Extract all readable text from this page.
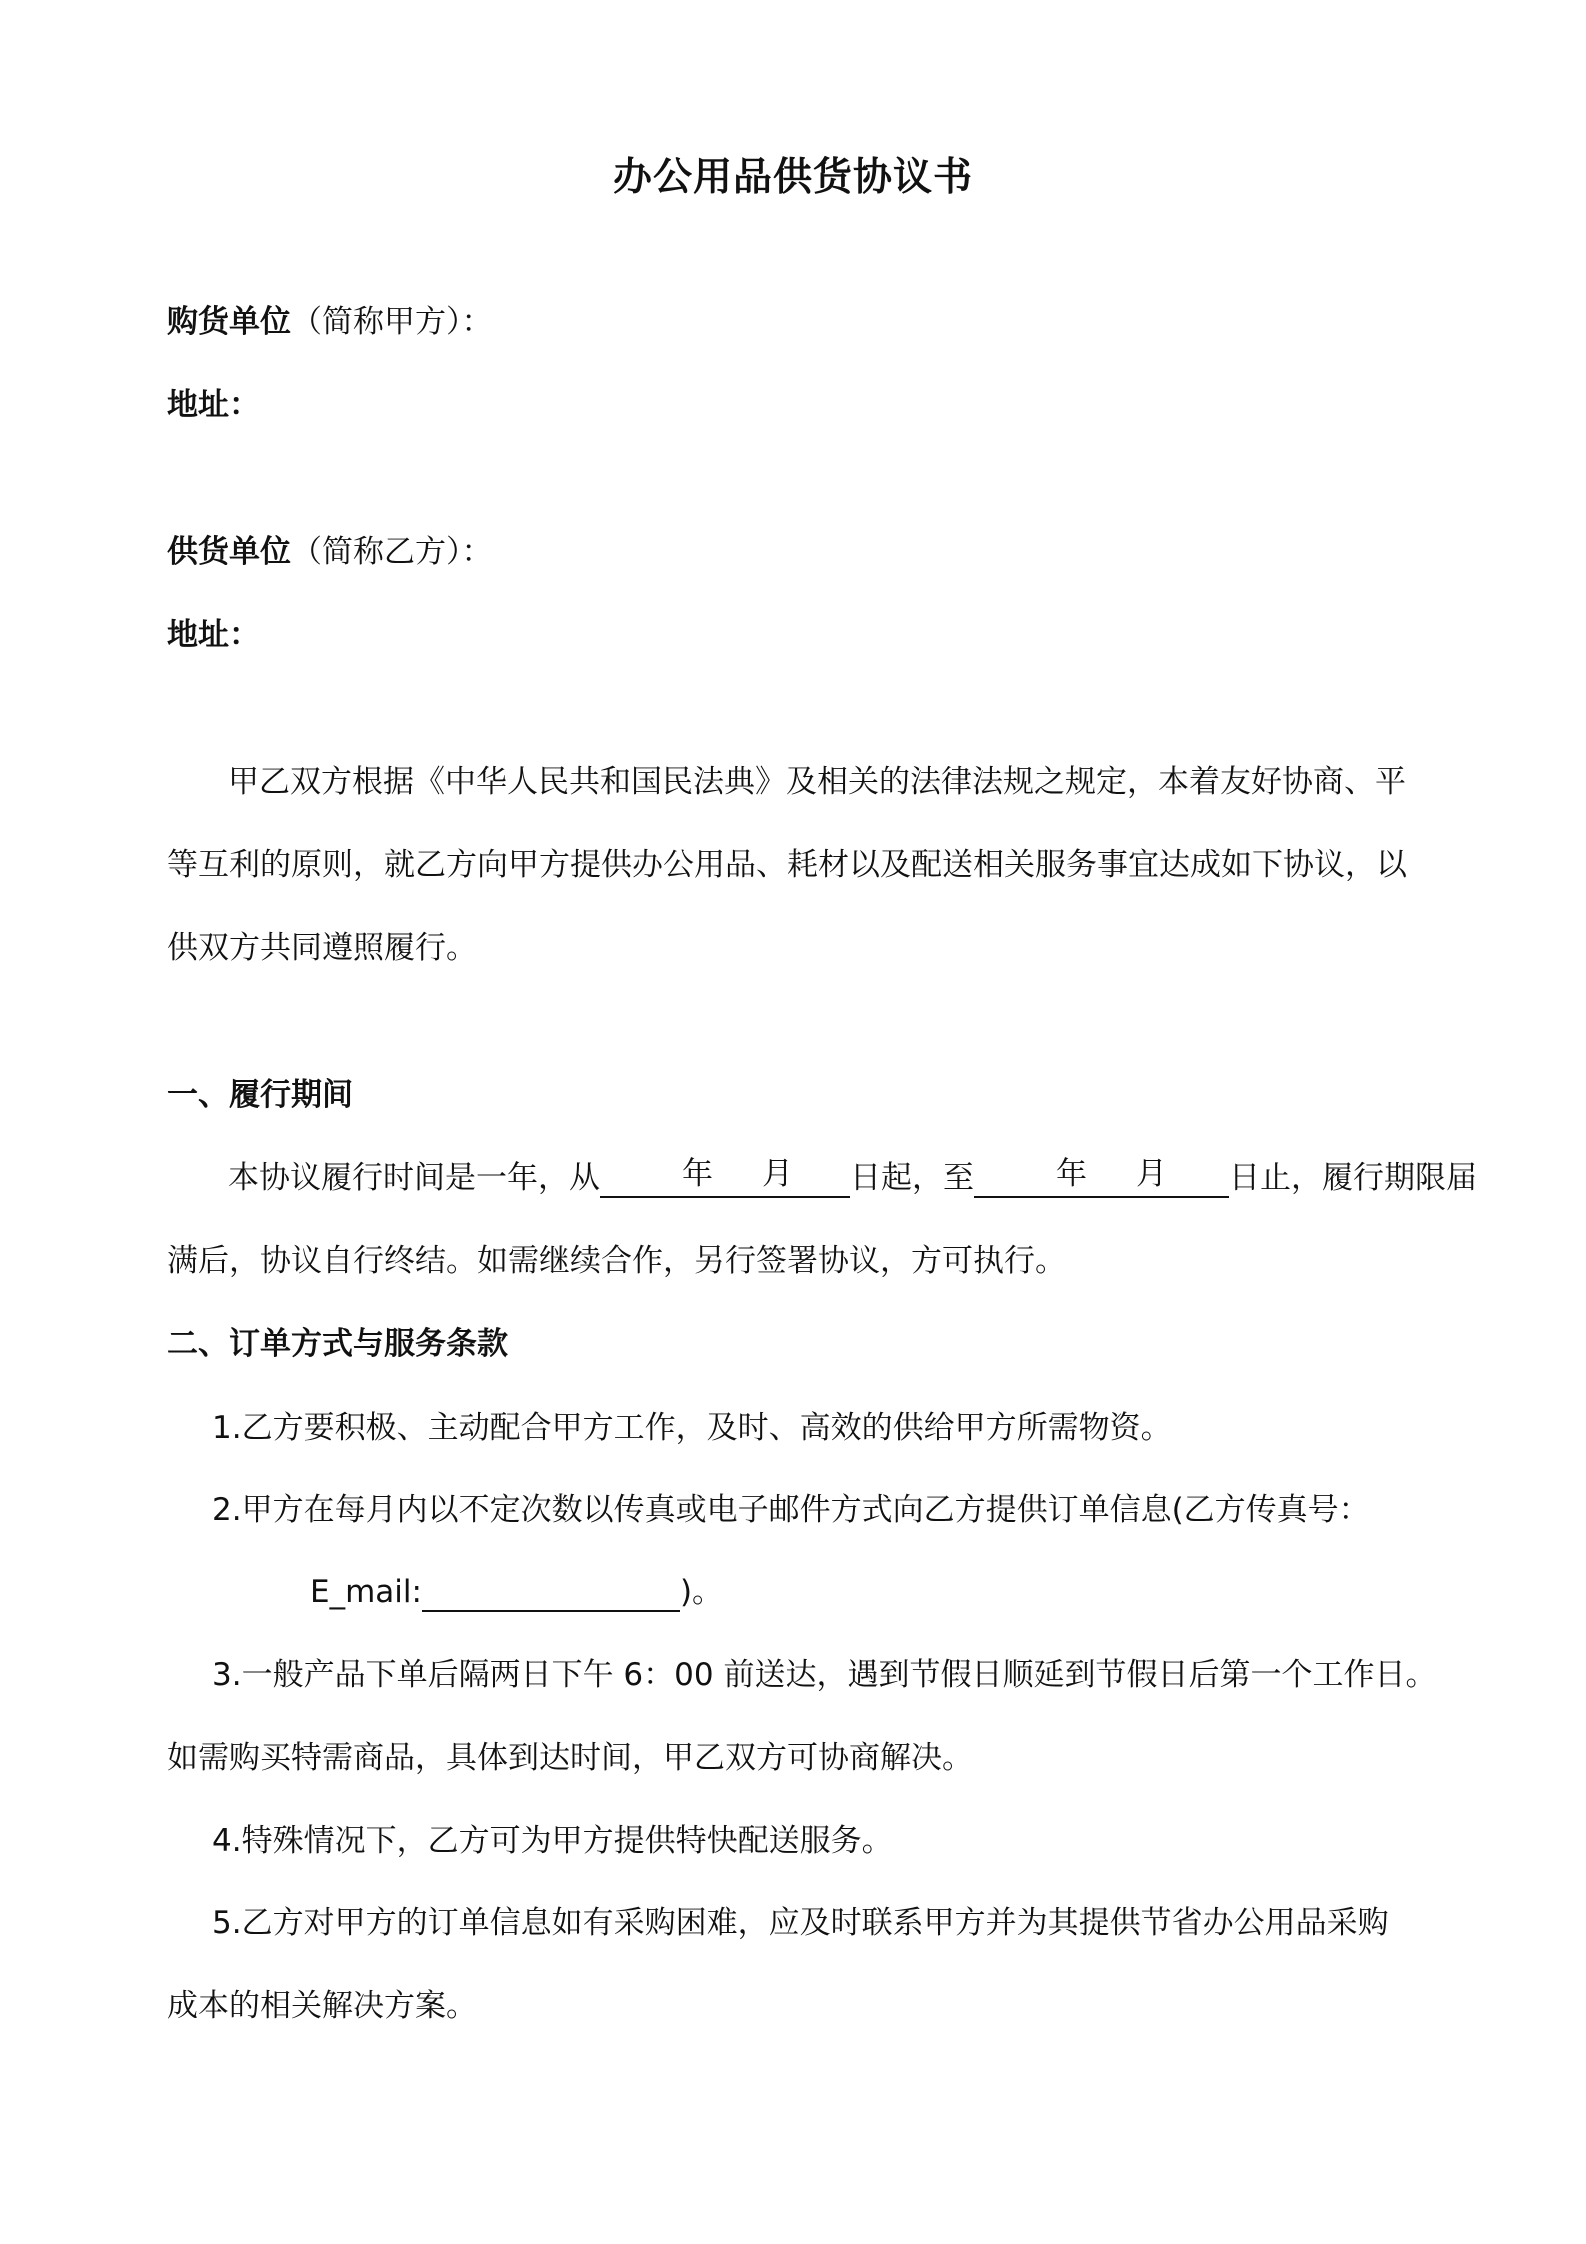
办公用品供货协议书
购货单位（简称甲方）：
地址：
供货单位（简称乙方）：
地址：
甲乙双方根据《中华人民共和国民法典》及相关的法律法规之规定，本着友好协商、平
等互利的原则，就乙方向甲方提供办公用品、耗材以及配送相关服务事宜达成如下协议，以
供双方共同遵照履行。
一、履行期间
本协议履行时间是一年，从	年 月 日起，至	年 月 日止，履行期限届
满后，协议自行终结。如需继续合作，另行签署协议，方可执行。
二、订单方式与服务条款
1.乙方要积极、主动配合甲方工作，及时、高效的供给甲方所需物资。
2.甲方在每月内以不定次数以传真或电子邮件方式向乙方提供订单信息(乙方传真号：
E_mail:	)。
3.一般产品下单后隔两日下午 6：00 前送达，遇到节假日顺延到节假日后第一个工作日。
如需购买特需商品，具体到达时间，甲乙双方可协商解决。
4.特殊情况下，乙方可为甲方提供特快配送服务。
5.乙方对甲方的订单信息如有采购困难，应及时联系甲方并为其提供节省办公用品采购
成本的相关解决方案。
